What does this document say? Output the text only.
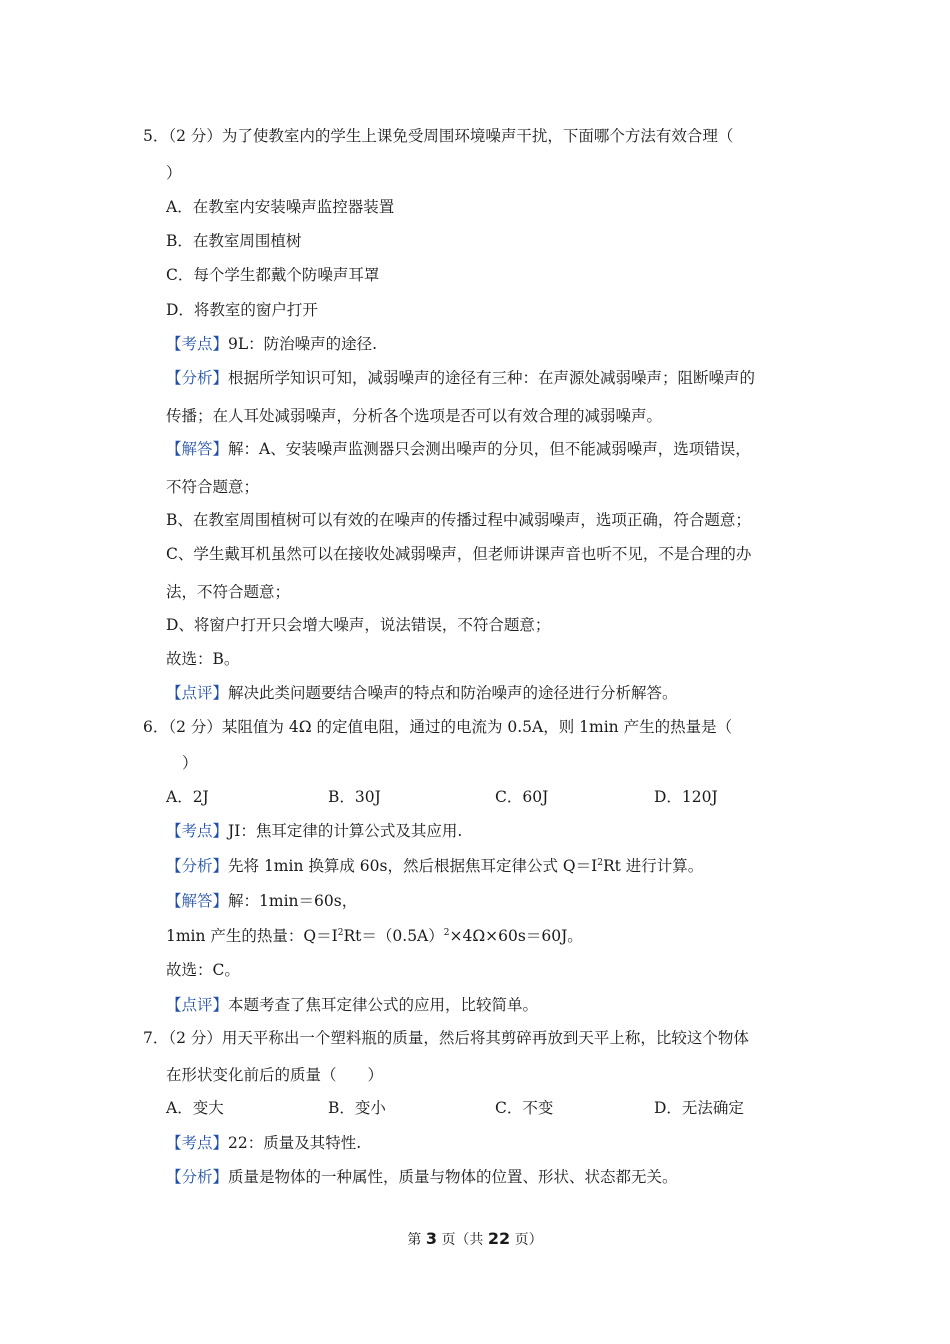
5．（2 分）为了使教室内的学生上课免受周围环境噪声干扰，下面哪个方法有效合理（
）
A．在教室内安装噪声监控器装置
B．在教室周围植树
C．每个学生都戴个防噪声耳罩
D．将教室的窗户打开
【考点】9L：防治噪声的途径.
【分析】根据所学知识可知，减弱噪声的途径有三种：在声源处减弱噪声；阻断噪声的
传播；在人耳处减弱噪声，分析各个选项是否可以有效合理的减弱噪声。
【解答】解：A、安装噪声监测器只会测出噪声的分贝，但不能减弱噪声，选项错误，
不符合题意；
B、在教室周围植树可以有效的在噪声的传播过程中减弱噪声，选项正确，符合题意；
C、学生戴耳机虽然可以在接收处减弱噪声，但老师讲课声音也听不见，不是合理的办
法，不符合题意；
D、将窗户打开只会增大噪声，说法错误，不符合题意；
故选：B。
【点评】解决此类问题要结合噪声的特点和防治噪声的途径进行分析解答。
6．（2 分）某阻值为 4Ω 的定值电阻，通过的电流为 0.5A，则 1min 产生的热量是（
）
A．2J	B．30J	C．60J	D．120J
【考点】JI：焦耳定律的计算公式及其应用.
【分析】先将 1min 换算成 60s，然后根据焦耳定律公式 $Q=I^2Rt$ 进行计算。
【解答】解：1min＝60s，
1min 产生的热量：$Q=I^2Rt=(0.5A)^2\times 4\Omega\times 60s=60J$。
故选：C。
【点评】本题考查了焦耳定律公式的应用，比较简单。
7．（2 分）用天平称出一个塑料瓶的质量，然后将其剪碎再放到天平上称，比较这个物体
在形状变化前后的质量（　　）
A．变大	B．变小	C．不变	D．无法确定
【考点】22：质量及其特性.
【分析】质量是物体的一种属性，质量与物体的位置、形状、状态都无关。
第 3 页（共 22 页）
